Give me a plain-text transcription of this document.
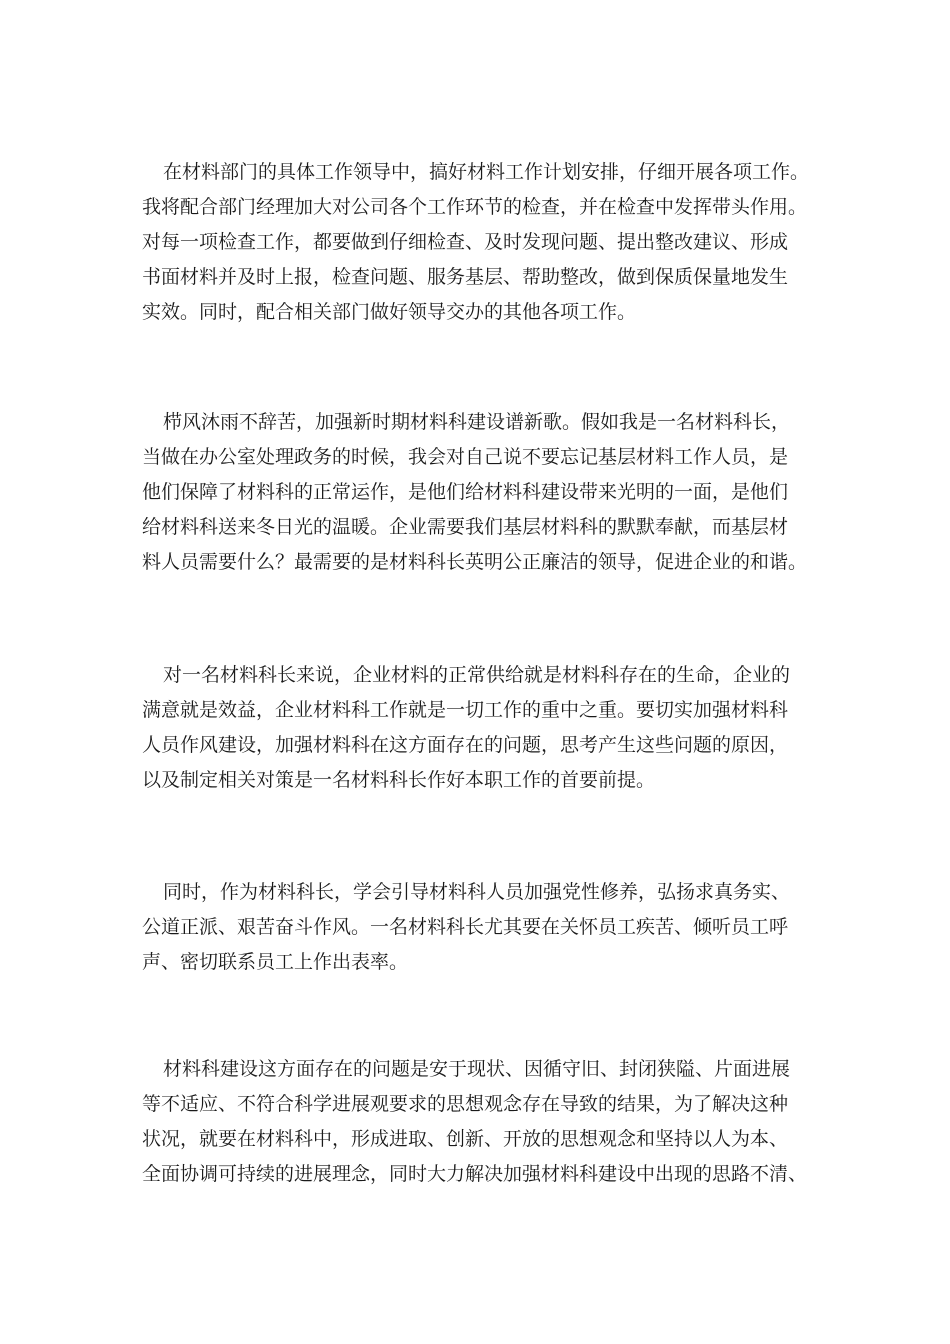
在材料部门的具体工作领导中，搞好材料工作计划安排，仔细开展各项工作。
我将配合部门经理加大对公司各个工作环节的检查，并在检查中发挥带头作用。
对每一项检查工作，都要做到仔细检查、及时发现问题、提出整改建议、形成
书面材料并及时上报，检查问题、服务基层、帮助整改，做到保质保量地发生
实效。同时，配合相关部门做好领导交办的其他各项工作。
栉风沐雨不辞苦，加强新时期材料科建设谱新歌。假如我是一名材料科长，
当做在办公室处理政务的时候，我会对自己说不要忘记基层材料工作人员，是
他们保障了材料科的正常运作，是他们给材料科建设带来光明的一面，是他们
给材料科送来冬日光的温暖。企业需要我们基层材料科的默默奉献，而基层材
料人员需要什么？最需要的是材料科长英明公正廉洁的领导，促进企业的和谐。
对一名材料科长来说，企业材料的正常供给就是材料科存在的生命，企业的
满意就是效益，企业材料科工作就是一切工作的重中之重。要切实加强材料科
人员作风建设，加强材料科在这方面存在的问题，思考产生这些问题的原因，
以及制定相关对策是一名材料科长作好本职工作的首要前提。
同时，作为材料科长，学会引导材料科人员加强党性修养，弘扬求真务实、
公道正派、艰苦奋斗作风。一名材料科长尤其要在关怀员工疾苦、倾听员工呼
声、密切联系员工上作出表率。
材料科建设这方面存在的问题是安于现状、因循守旧、封闭狭隘、片面进展
等不适应、不符合科学进展观要求的思想观念存在导致的结果，为了解决这种
状况，就要在材料科中，形成进取、创新、开放的思想观念和坚持以人为本、
全面协调可持续的进展理念，同时大力解决加强材料科建设中出现的思路不清、
